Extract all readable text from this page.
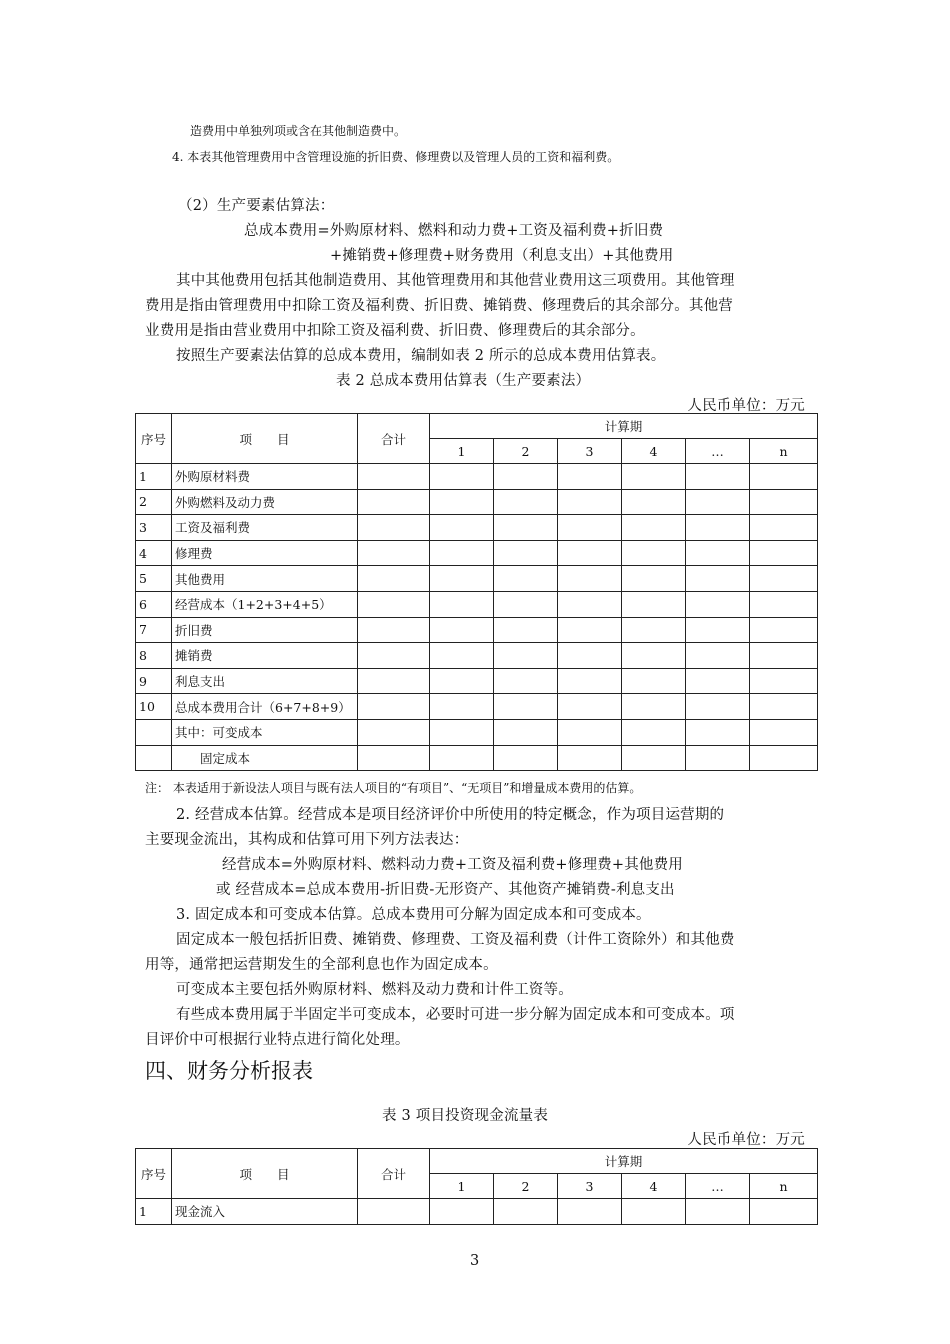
造费用中单独列项或含在其他制造费中。
4. 本表其他管理费用中含管理设施的折旧费、修理费以及管理人员的工资和福利费。
（2）生产要素估算法：
总成本费用=外购原材料、燃料和动力费+工资及福利费+折旧费
+摊销费+修理费+财务费用（利息支出）+其他费用
其中其他费用包括其他制造费用、其他管理费用和其他营业费用这三项费用。其他管理
费用是指由管理费用中扣除工资及福利费、折旧费、摊销费、修理费后的其余部分。其他营
业费用是指由营业费用中扣除工资及福利费、折旧费、修理费后的其余部分。
按照生产要素法估算的总成本费用，编制如表 2 所示的总成本费用估算表。
表 2 总成本费用估算表（生产要素法）
人民币单位：万元
序号	项　　目	合计	计算期					
			1	2	3	4	…	n
1	外购原材料费							
2	外购燃料及动力费							
3	工资及福利费							
4	修理费							
5	其他费用							
6	经营成本（1+2+3+4+5）							
7	折旧费							
8	摊销费							
9	利息支出							
10	总成本费用合计（6+7+8+9）							
	其中：可变成本							
	　　固定成本							
注： 本表适用于新设法人项目与既有法人项目的“有项目”、“无项目”和增量成本费用的估算。
2. 经营成本估算。经营成本是项目经济评价中所使用的特定概念，作为项目运营期的
主要现金流出，其构成和估算可用下列方法表达：
经营成本=外购原材料、燃料动力费+工资及福利费+修理费+其他费用
或 经营成本=总成本费用-折旧费-无形资产、其他资产摊销费-利息支出
3. 固定成本和可变成本估算。总成本费用可分解为固定成本和可变成本。
固定成本一般包括折旧费、摊销费、修理费、工资及福利费（计件工资除外）和其他费
用等，通常把运营期发生的全部利息也作为固定成本。
可变成本主要包括外购原材料、燃料及动力费和计件工资等。
有些成本费用属于半固定半可变成本，必要时可进一步分解为固定成本和可变成本。项
目评价中可根据行业特点进行简化处理。
四、财务分析报表
表 3 项目投资现金流量表
人民币单位：万元
序号	项　　目	合计	计算期					
			1	2	3	4	…	n
1	现金流入							
3
